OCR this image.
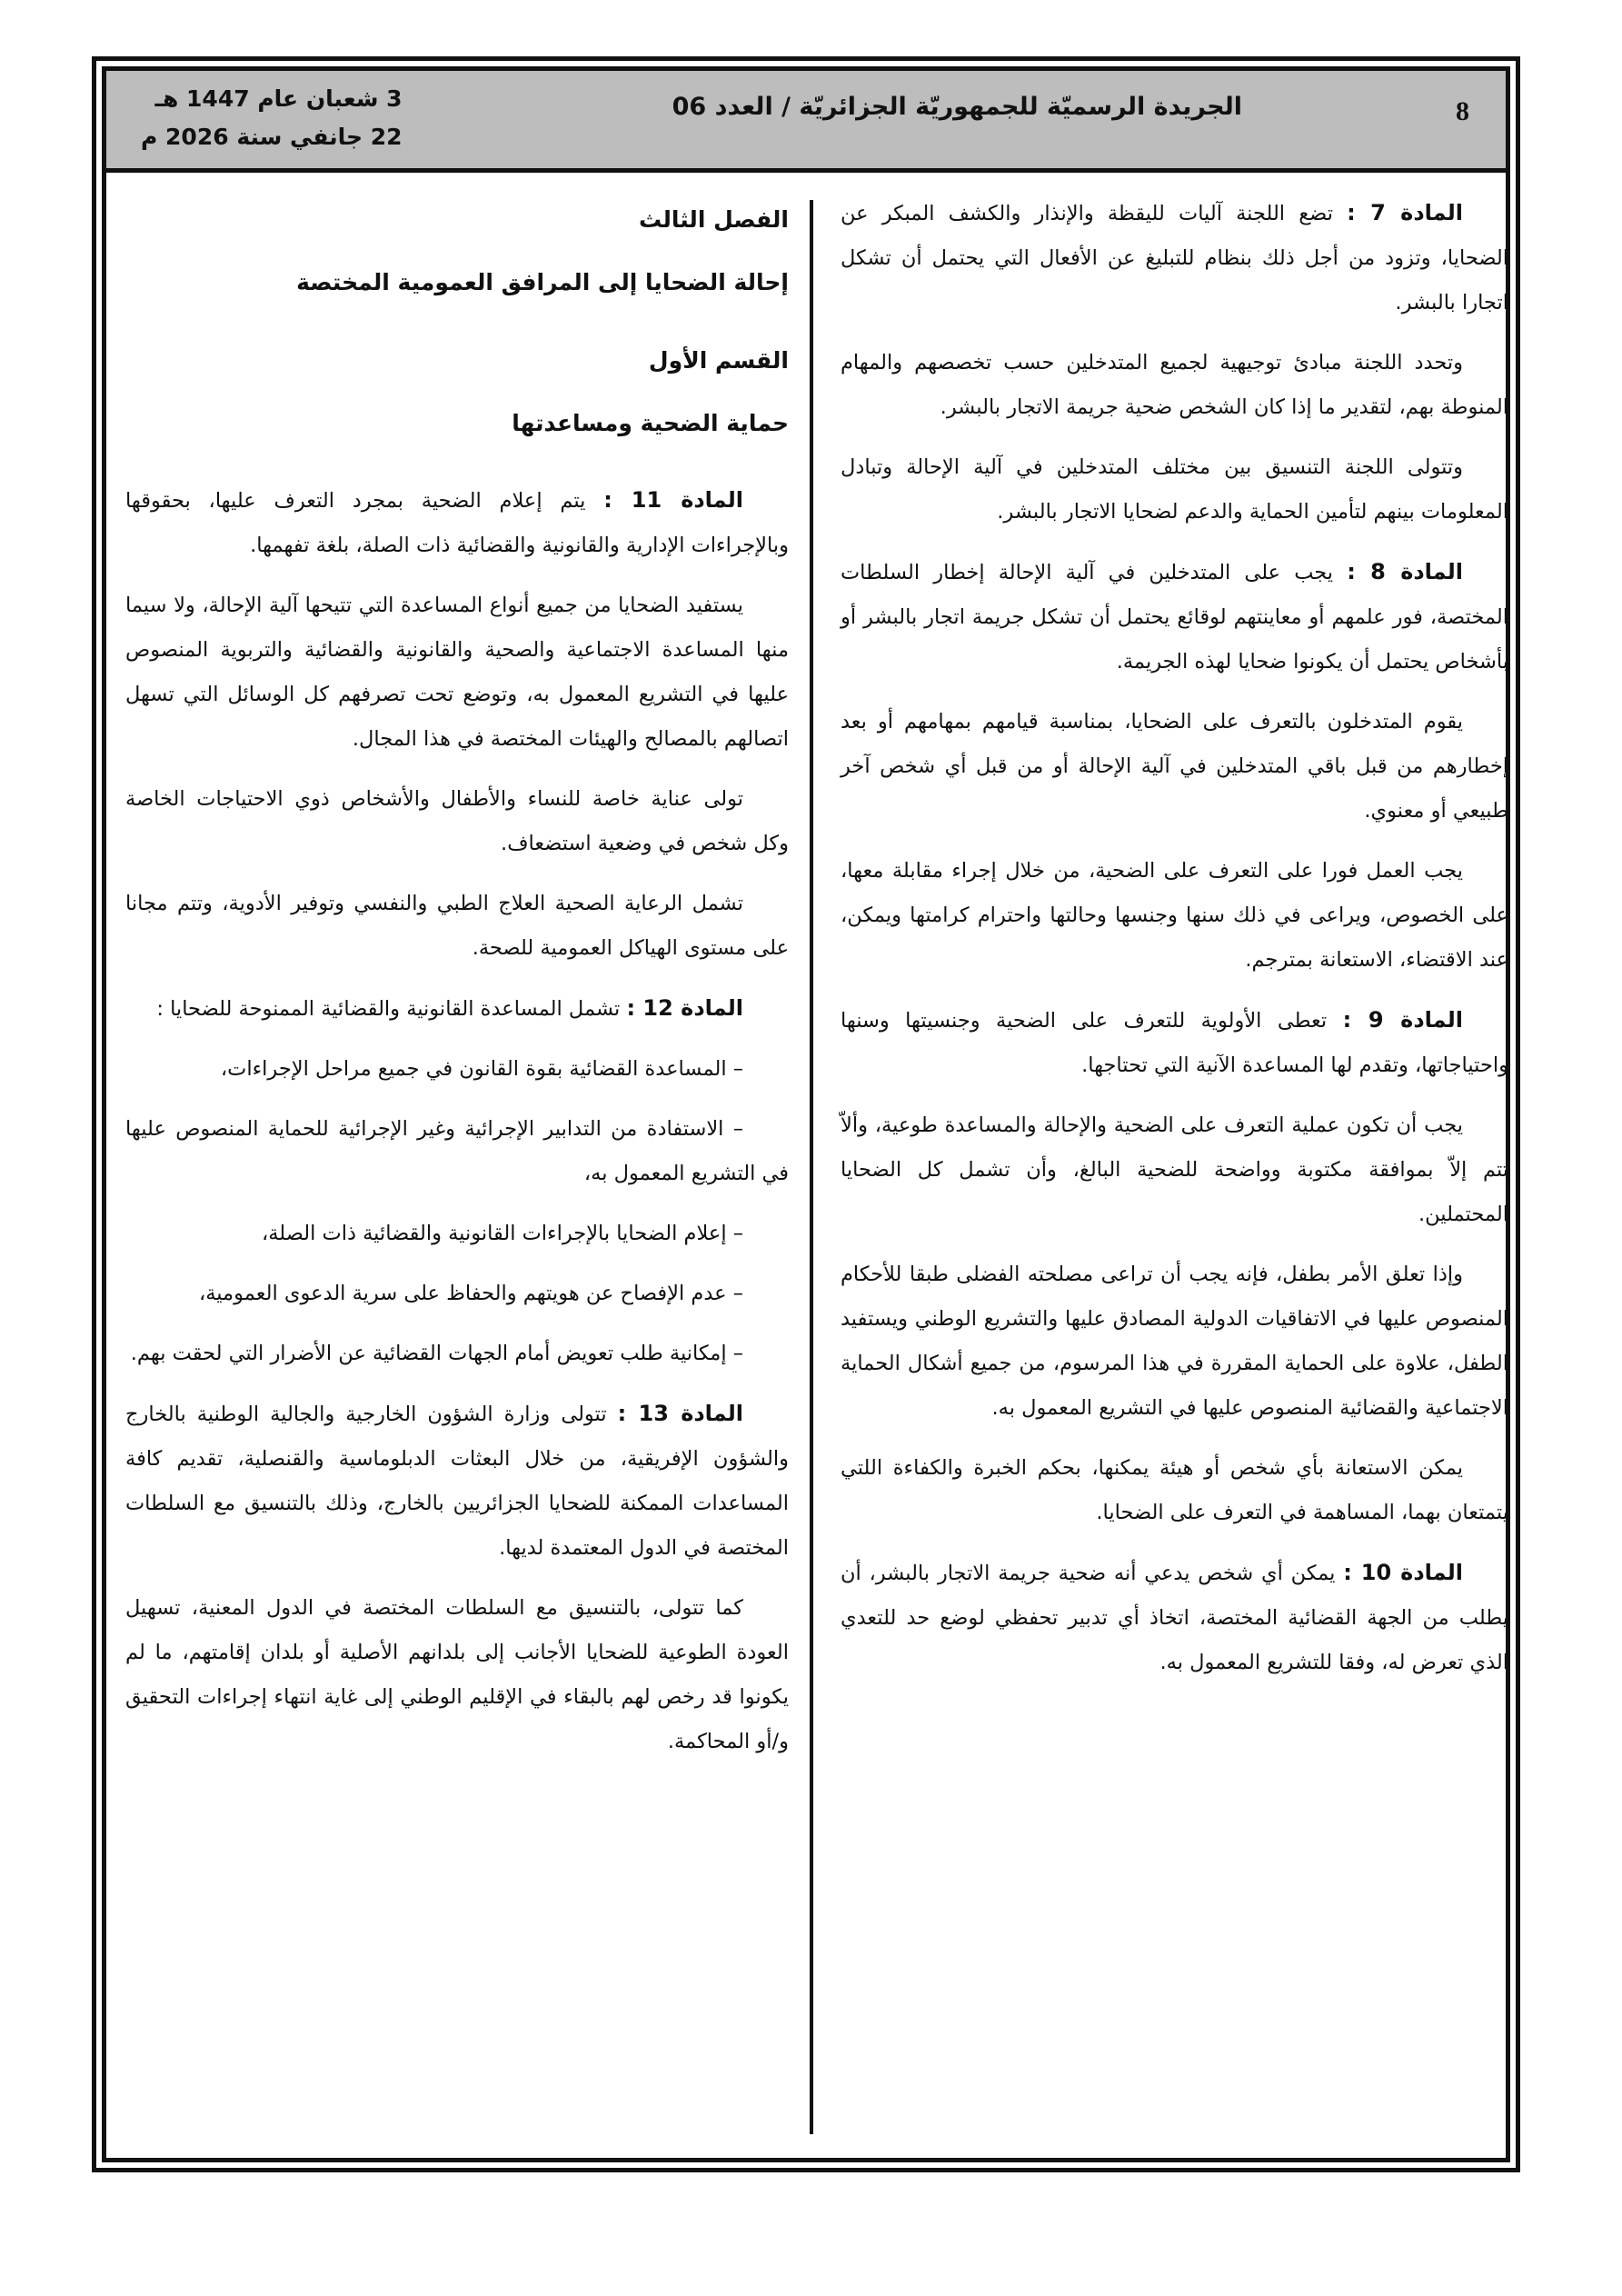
8
الجريدة الرسميّة للجمهوريّة الجزائريّة / العدد 06
3 شعبان عام 1447 هـ
22 جانفي سنة 2026 م

المادة 7 : تضع اللجنة آليات لليقظة والإنذار والكشف المبكر عن الضحايا، وتزود من أجل ذلك بنظام للتبليغ عن الأفعال التي يحتمل أن تشكل اتجارا بالبشر.

وتحدد اللجنة مبادئ توجيهية لجميع المتدخلين حسب تخصصهم والمهام المنوطة بهم، لتقدير ما إذا كان الشخص ضحية جريمة الاتجار بالبشر.

وتتولى اللجنة التنسيق بين مختلف المتدخلين في آلية الإحالة وتبادل المعلومات بينهم لتأمين الحماية والدعم لضحايا الاتجار بالبشر.

المادة 8 : يجب على المتدخلين في آلية الإحالة إخطار السلطات المختصة، فور علمهم أو معاينتهم لوقائع يحتمل أن تشكل جريمة اتجار بالبشر أو بأشخاص يحتمل أن يكونوا ضحايا لهذه الجريمة.

يقوم المتدخلون بالتعرف على الضحايا، بمناسبة قيامهم بمهامهم أو بعد إخطارهم من قبل باقي المتدخلين في آلية الإحالة أو من قبل أي شخص آخر طبيعي أو معنوي.

يجب العمل فورا على التعرف على الضحية، من خلال إجراء مقابلة معها، على الخصوص، ويراعى في ذلك سنها وجنسها وحالتها واحترام كرامتها ويمكن، عند الاقتضاء، الاستعانة بمترجم.

المادة 9 : تعطى الأولوية للتعرف على الضحية وجنسيتها وسنها واحتياجاتها، وتقدم لها المساعدة الآنية التي تحتاجها.

يجب أن تكون عملية التعرف على الضحية والإحالة والمساعدة طوعية، وألاّ تتم إلاّ بموافقة مكتوبة وواضحة للضحية البالغ، وأن تشمل كل الضحايا المحتملين.

وإذا تعلق الأمر بطفل، فإنه يجب أن تراعى مصلحته الفضلى طبقا للأحكام المنصوص عليها في الاتفاقيات الدولية المصادق عليها والتشريع الوطني ويستفيد الطفل، علاوة على الحماية المقررة في هذا المرسوم، من جميع أشكال الحماية الاجتماعية والقضائية المنصوص عليها في التشريع المعمول به.

يمكن الاستعانة بأي شخص أو هيئة يمكنها، بحكم الخبرة والكفاءة اللتي يتمتعان بهما، المساهمة في التعرف على الضحايا.

المادة 10 : يمكن أي شخص يدعي أنه ضحية جريمة الاتجار بالبشر، أن يطلب من الجهة القضائية المختصة، اتخاذ أي تدبير تحفظي لوضع حد للتعدي الذي تعرض له، وفقا للتشريع المعمول به.

الفصل الثالث

إحالة الضحايا إلى المرافق العمومية المختصة

القسم الأول

حماية الضحية ومساعدتها

المادة 11 : يتم إعلام الضحية بمجرد التعرف عليها، بحقوقها وبالإجراءات الإدارية والقانونية والقضائية ذات الصلة، بلغة تفهمها.

يستفيد الضحايا من جميع أنواع المساعدة التي تتيحها آلية الإحالة، ولا سيما منها المساعدة الاجتماعية والصحية والقانونية والقضائية والتربوية المنصوص عليها في التشريع المعمول به، وتوضع تحت تصرفهم كل الوسائل التي تسهل اتصالهم بالمصالح والهيئات المختصة في هذا المجال.

تولى عناية خاصة للنساء والأطفال والأشخاص ذوي الاحتياجات الخاصة وكل شخص في وضعية استضعاف.

تشمل الرعاية الصحية العلاج الطبي والنفسي وتوفير الأدوية، وتتم مجانا على مستوى الهياكل العمومية للصحة.

المادة 12 : تشمل المساعدة القانونية والقضائية الممنوحة للضحايا :

– المساعدة القضائية بقوة القانون في جميع مراحل الإجراءات،

– الاستفادة من التدابير الإجرائية وغير الإجرائية للحماية المنصوص عليها في التشريع المعمول به،

– إعلام الضحايا بالإجراءات القانونية والقضائية ذات الصلة،

– عدم الإفصاح عن هويتهم والحفاظ على سرية الدعوى العمومية،

– إمكانية طلب تعويض أمام الجهات القضائية عن الأضرار التي لحقت بهم.

المادة 13 : تتولى وزارة الشؤون الخارجية والجالية الوطنية بالخارج والشؤون الإفريقية، من خلال البعثات الدبلوماسية والقنصلية، تقديم كافة المساعدات الممكنة للضحايا الجزائريين بالخارج، وذلك بالتنسيق مع السلطات المختصة في الدول المعتمدة لديها.

كما تتولى، بالتنسيق مع السلطات المختصة في الدول المعنية، تسهيل العودة الطوعية للضحايا الأجانب إلى بلدانهم الأصلية أو بلدان إقامتهم، ما لم يكونوا قد رخص لهم بالبقاء في الإقليم الوطني إلى غاية انتهاء إجراءات التحقيق و/أو المحاكمة.
